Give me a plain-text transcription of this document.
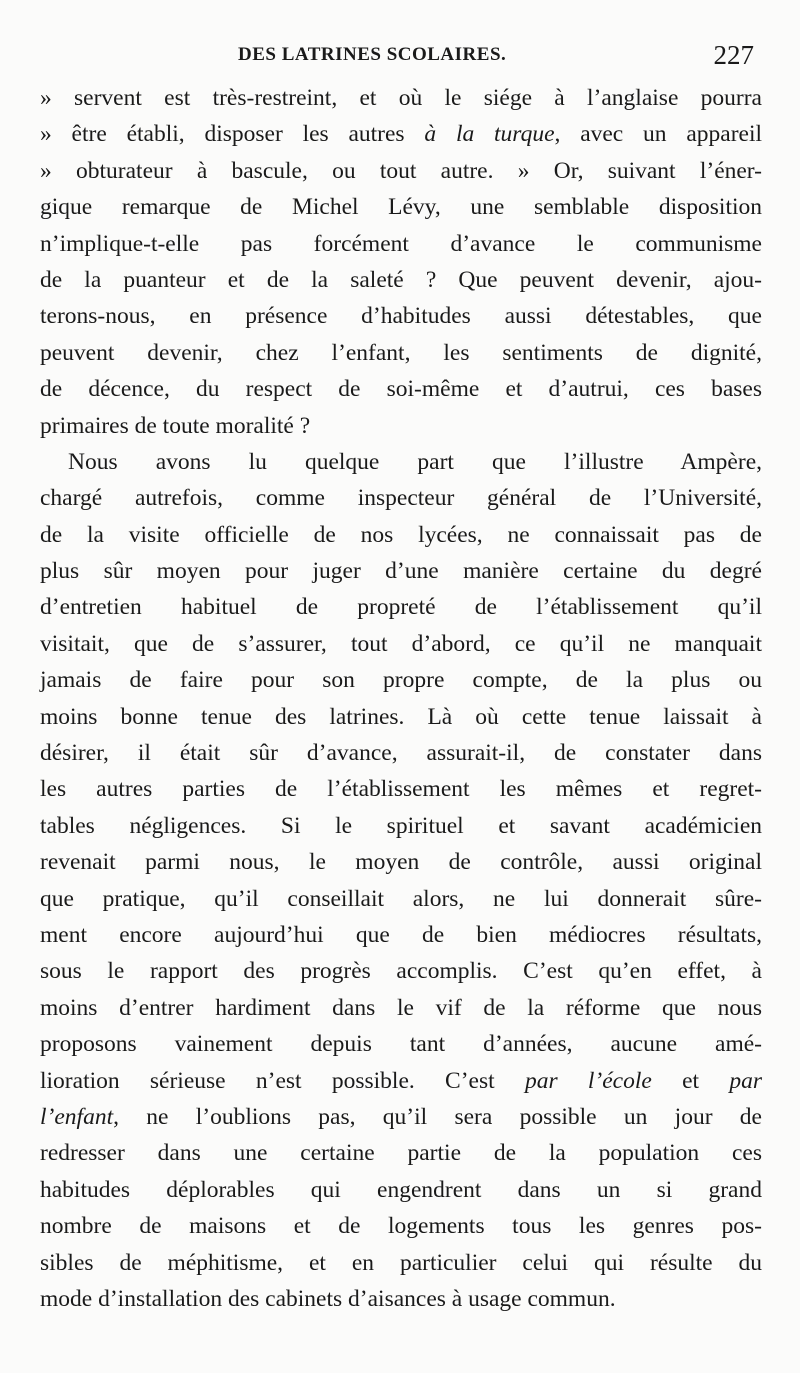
DES LATRINES SCOLAIRES.	227
» servent est très-restreint, et où le siége à l’anglaise pourra
» être établi, disposer les autres à la turque, avec un appareil
» obturateur à bascule, ou tout autre. » Or, suivant l’éner-
gique remarque de Michel Lévy, une semblable disposition
n’implique-t-elle pas forcément d’avance le communisme
de la puanteur et de la saleté ? Que peuvent devenir, ajou-
terons-nous, en présence d’habitudes aussi détestables, que
peuvent devenir, chez l’enfant, les sentiments de dignité,
de décence, du respect de soi-même et d’autrui, ces bases
primaires de toute moralité ?
Nous avons lu quelque part que l’illustre Ampère,
chargé autrefois, comme inspecteur général de l’Université,
de la visite officielle de nos lycées, ne connaissait pas de
plus sûr moyen pour juger d’une manière certaine du degré
d’entretien habituel de propreté de l’établissement qu’il
visitait, que de s’assurer, tout d’abord, ce qu’il ne manquait
jamais de faire pour son propre compte, de la plus ou
moins bonne tenue des latrines. Là où cette tenue laissait à
désirer, il était sûr d’avance, assurait-il, de constater dans
les autres parties de l’établissement les mêmes et regret-
tables négligences. Si le spirituel et savant académicien
revenait parmi nous, le moyen de contrôle, aussi original
que pratique, qu’il conseillait alors, ne lui donnerait sûre-
ment encore aujourd’hui que de bien médiocres résultats,
sous le rapport des progrès accomplis. C’est qu’en effet, à
moins d’entrer hardiment dans le vif de la réforme que nous
proposons vainement depuis tant d’années, aucune amé-
lioration sérieuse n’est possible. C’est par l’école et par
l’enfant, ne l’oublions pas, qu’il sera possible un jour de
redresser dans une certaine partie de la population ces
habitudes déplorables qui engendrent dans un si grand
nombre de maisons et de logements tous les genres pos-
sibles de méphitisme, et en particulier celui qui résulte du
mode d’installation des cabinets d’aisances à usage commun.
